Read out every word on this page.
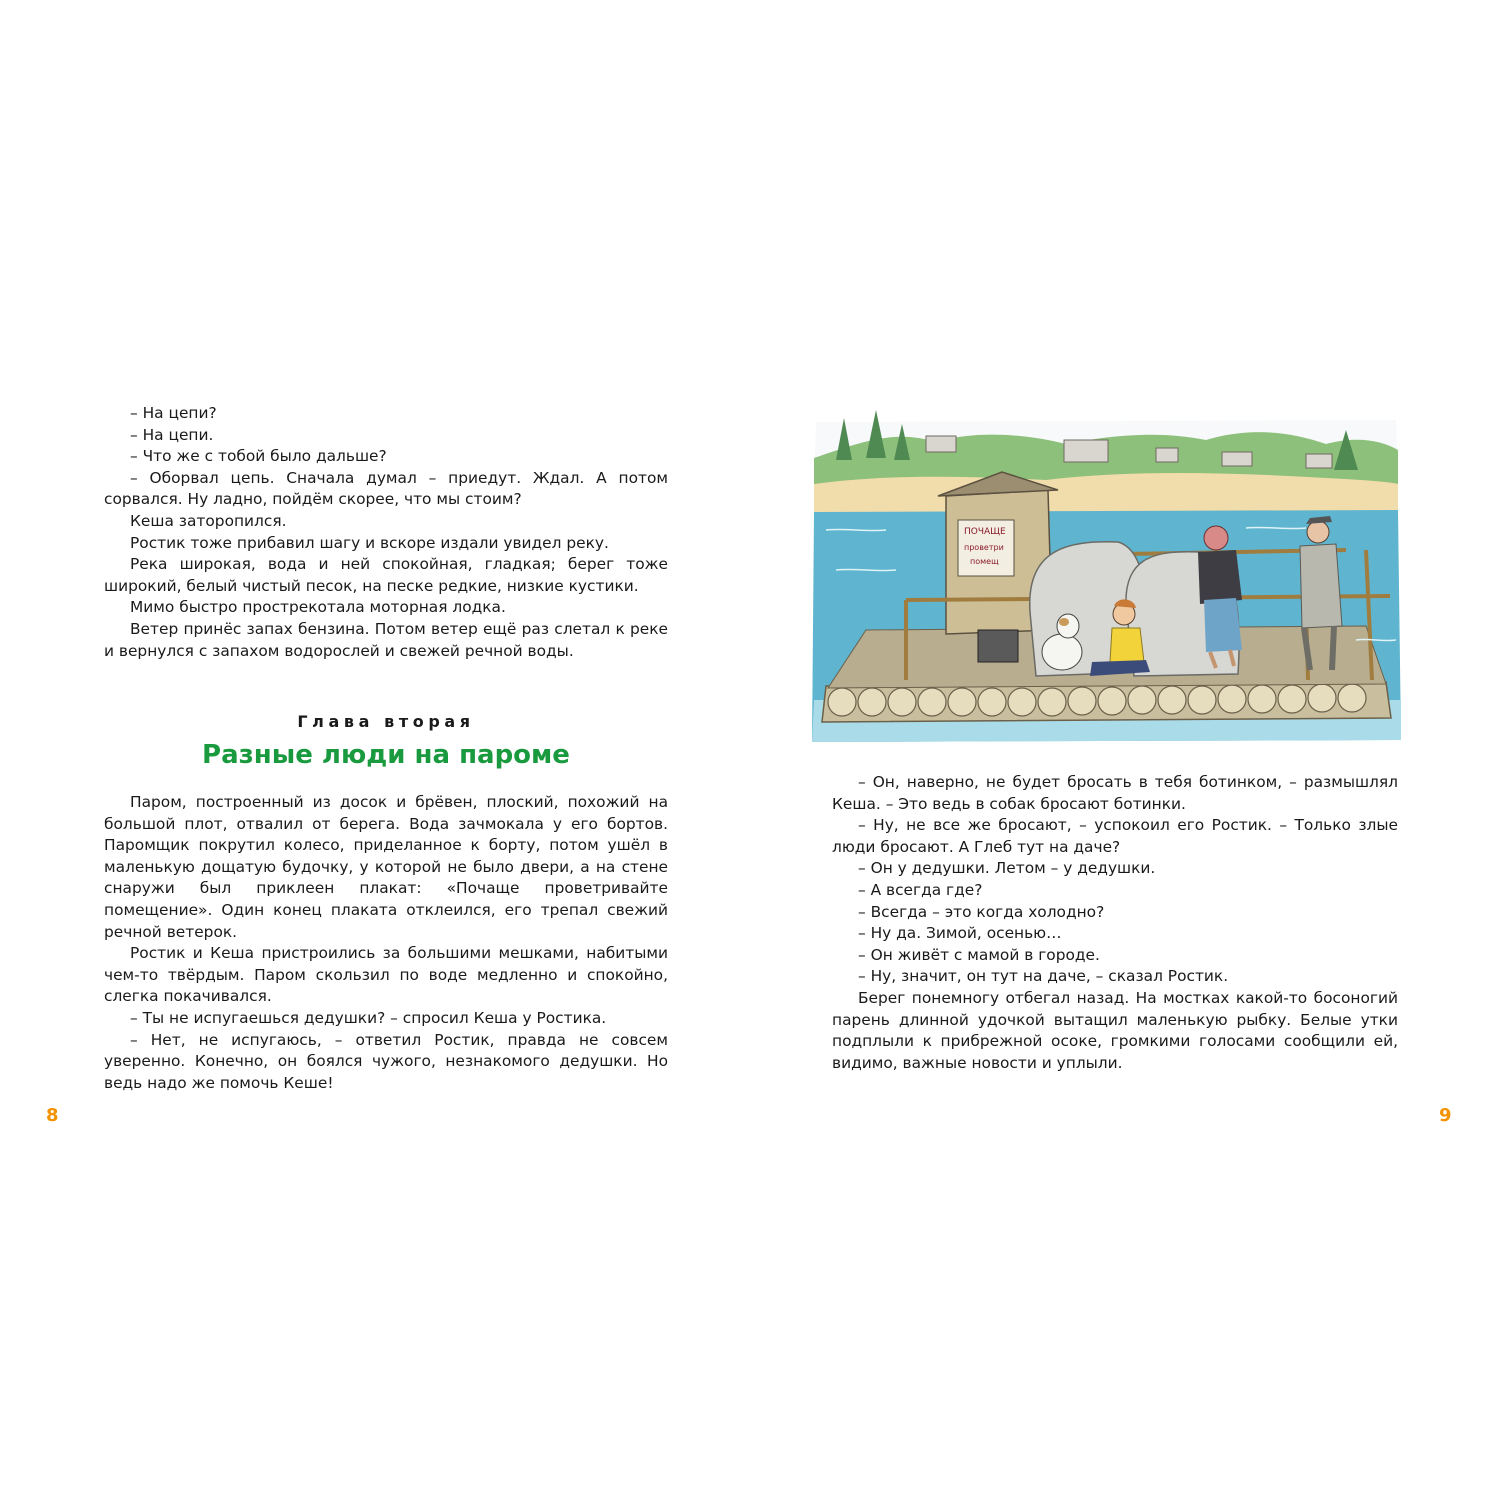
– На цепи?

– На цепи.

– Что же с тобой было дальше?

– Оборвал цепь. Сначала думал – приедут. Ждал. А потом сорвался. Ну ладно, пойдём скорее, что мы стоим?

Кеша заторопился.

Ростик тоже прибавил шагу и вскоре издали увидел реку.

Река широкая, вода и ней спокойная, гладкая; берег тоже широкий, белый чистый песок, на песке редкие, низкие кустики.

Мимо быстро прострекотала моторная лодка.

Ветер принёс запах бензина. Потом ветер ещё раз слетал к реке и вернулся с запахом водорослей и свежей речной воды.

Глава вторая
Разные люди на пароме

Паром, построенный из досок и брёвен, плоский, похожий на большой плот, отвалил от берега. Вода зачмокала у его бортов. Паромщик покрутил колесо, приделанное к борту, потом ушёл в маленькую дощатую будочку, у которой не было двери, а на стене снаружи был приклеен плакат: «Почаще проветривайте помещение». Один конец плаката отклеился, его трепал свежий речной ветерок.

Ростик и Кеша пристроились за большими мешками, набитыми чем-то твёрдым. Паром скользил по воде медленно и спокойно, слегка покачивался.

– Ты не испугаешься дедушки? – спросил Кеша у Ростика.

– Нет, не испугаюсь, – ответил Ростик, правда не совсем уверенно. Конечно, он боялся чужого, незнакомого дедушки. Но ведь надо же помочь Кеше!

8
ПОЧАЩЕ
проветри
помещ

– Он, наверно, не будет бросать в тебя ботинком, – размышлял Кеша. – Это ведь в собак бросают ботинки.

– Ну, не все же бросают, – успокоил его Ростик. – Только злые люди бросают. А Глеб тут на даче?

– Он у дедушки. Летом – у дедушки.

– А всегда где?

– Всегда – это когда холодно?

– Ну да. Зимой, осенью…

– Он живёт с мамой в городе.

– Ну, значит, он тут на даче, – сказал Ростик.

Берег понемногу отбегал назад. На мостках какой-то босоногий парень длинной удочкой вытащил маленькую рыбку. Белые утки подплыли к прибрежной осоке, громкими голосами сообщили ей, видимо, важные новости и уплыли.

9
